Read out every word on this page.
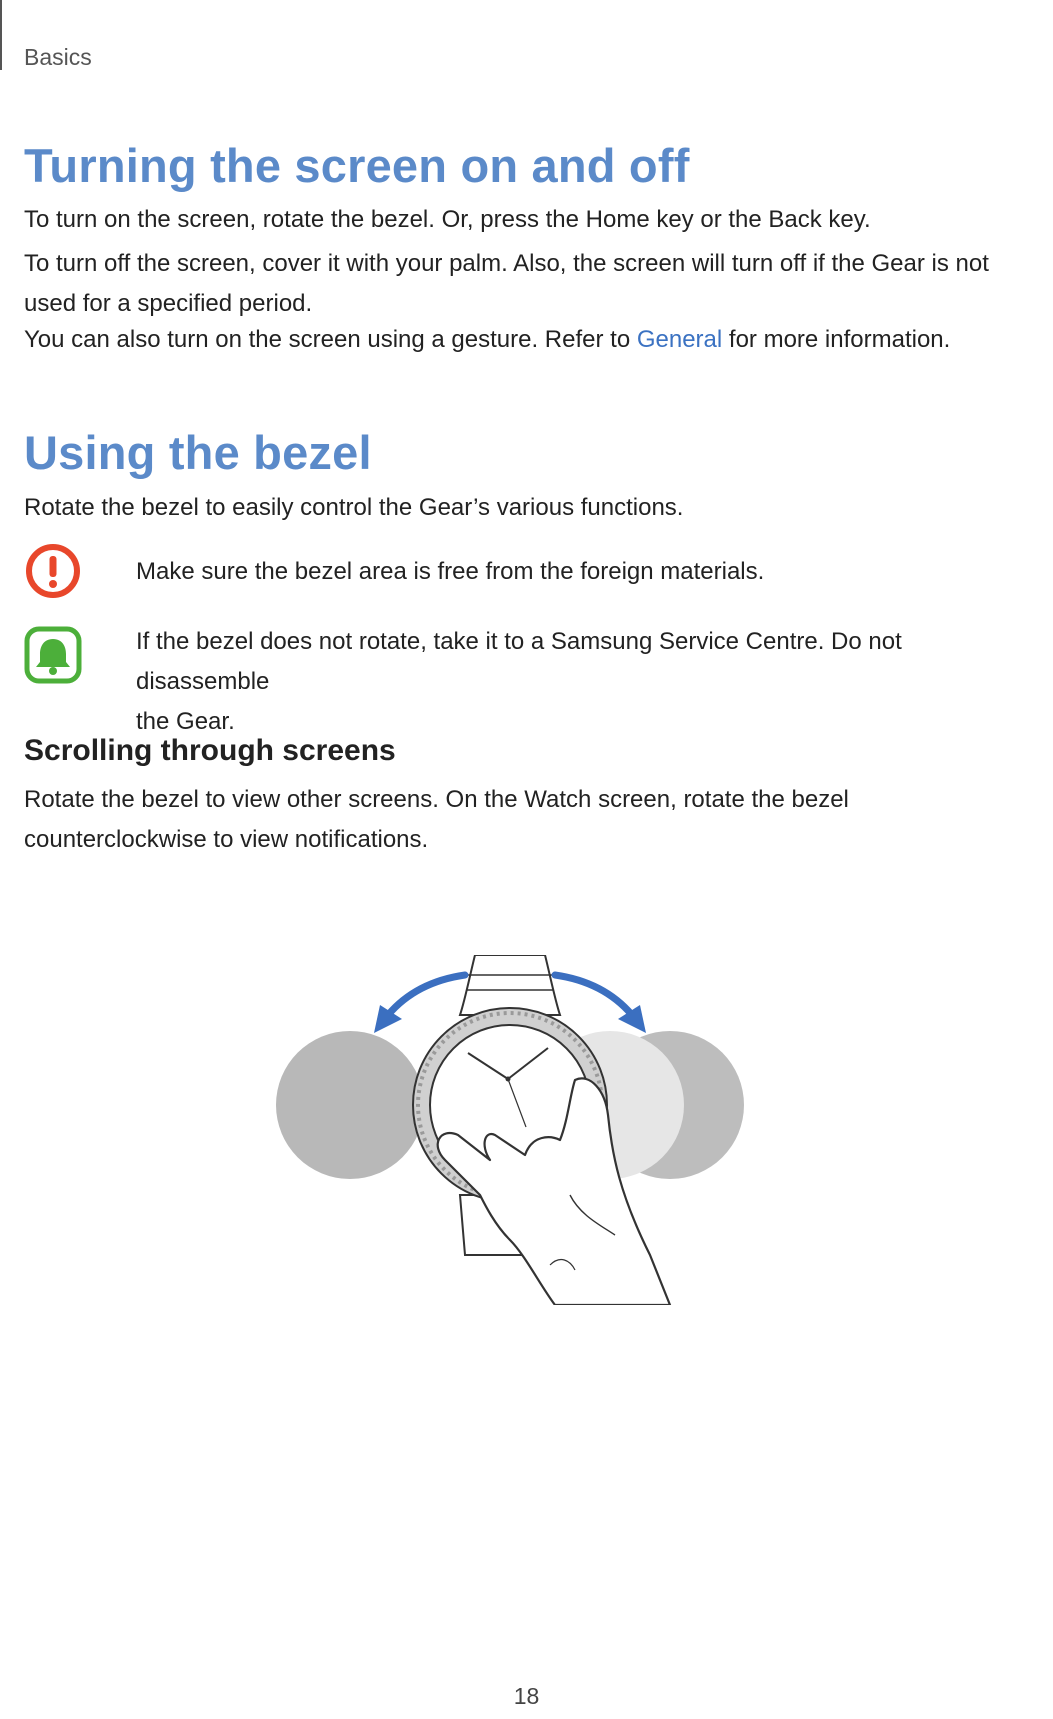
Basics
Turning the screen on and off

To turn on the screen, rotate the bezel. Or, press the Home key or the Back key.

To turn off the screen, cover it with your palm. Also, the screen will turn off if the Gear is not
used for a specified period.

You can also turn on the screen using a gesture. Refer to General for more information.

Using the bezel

Rotate the bezel to easily control the Gear’s various functions.

Make sure the bezel area is free from the foreign materials.
If the bezel does not rotate, take it to a Samsung Service Centre. Do not disassemble
the Gear.
Scrolling through screens

Rotate the bezel to view other screens. On the Watch screen, rotate the bezel
counterclockwise to view notifications.

18
